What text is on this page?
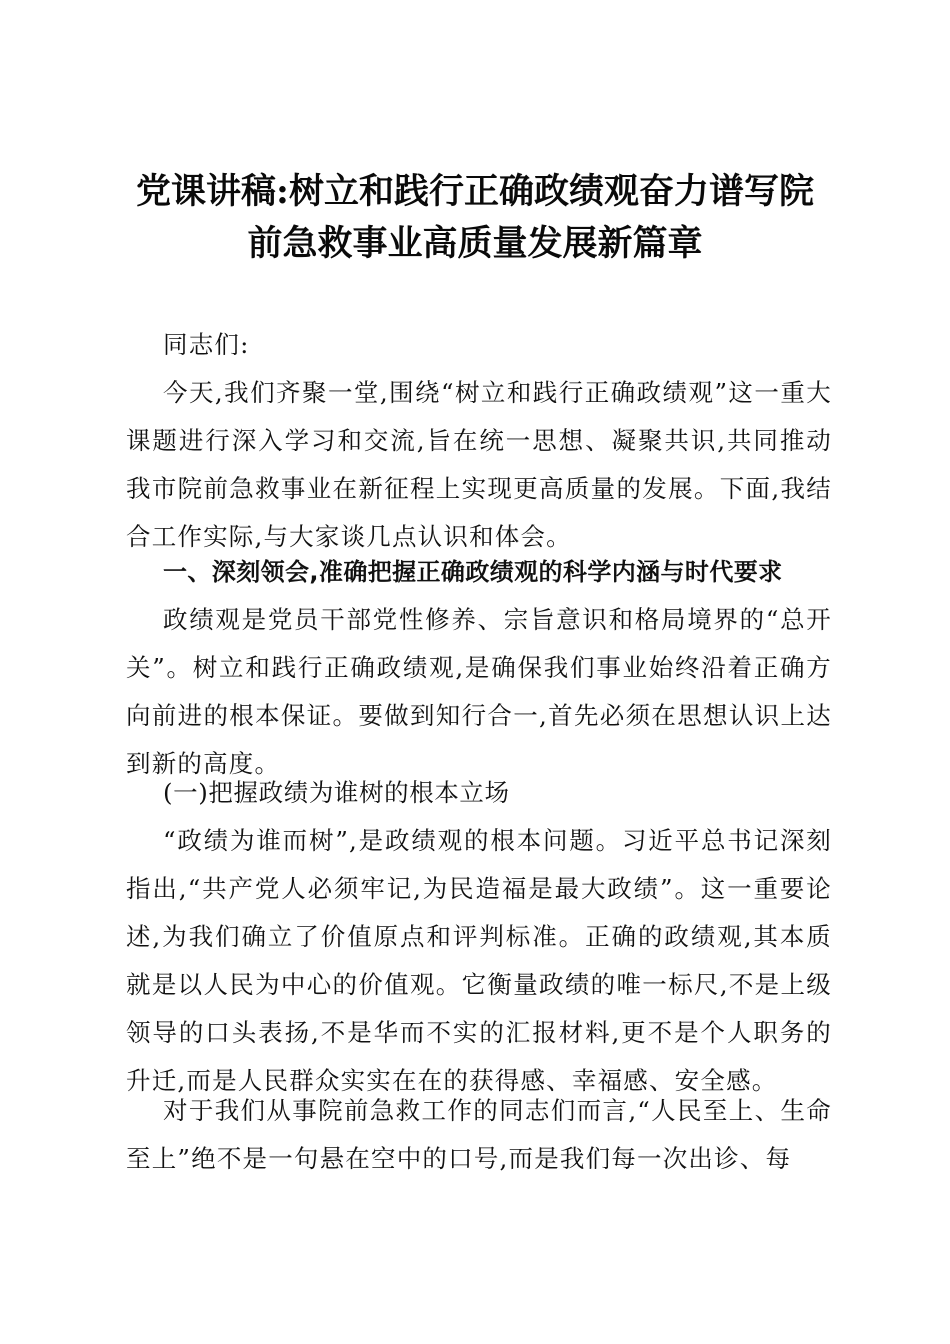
党课讲稿:树立和践行正确政绩观奋力谱写院
前急救事业高质量发展新篇章
同志们:
今天,我们齐聚一堂,围绕“树立和践行正确政绩观”这一重大课题进行深入学习和交流,旨在统一思想、凝聚共识,共同推动我市院前急救事业在新征程上实现更高质量的发展。下面,我结合工作实际,与大家谈几点认识和体会。
一、深刻领会,准确把握正确政绩观的科学内涵与时代要求
政绩观是党员干部党性修养、宗旨意识和格局境界的“总开关”。树立和践行正确政绩观,是确保我们事业始终沿着正确方向前进的根本保证。要做到知行合一,首先必须在思想认识上达到新的高度。
(一)把握政绩为谁树的根本立场
“政绩为谁而树”,是政绩观的根本问题。习近平总书记深刻指出,“共产党人必须牢记,为民造福是最大政绩”。这一重要论述,为我们确立了价值原点和评判标准。正确的政绩观,其本质就是以人民为中心的价值观。它衡量政绩的唯一标尺,不是上级领导的口头表扬,不是华而不实的汇报材料,更不是个人职务的升迁,而是人民群众实实在在的获得感、幸福感、安全感。
对于我们从事院前急救工作的同志们而言,“人民至上、生命至上”绝不是一句悬在空中的口号,而是我们每一次出诊、每
